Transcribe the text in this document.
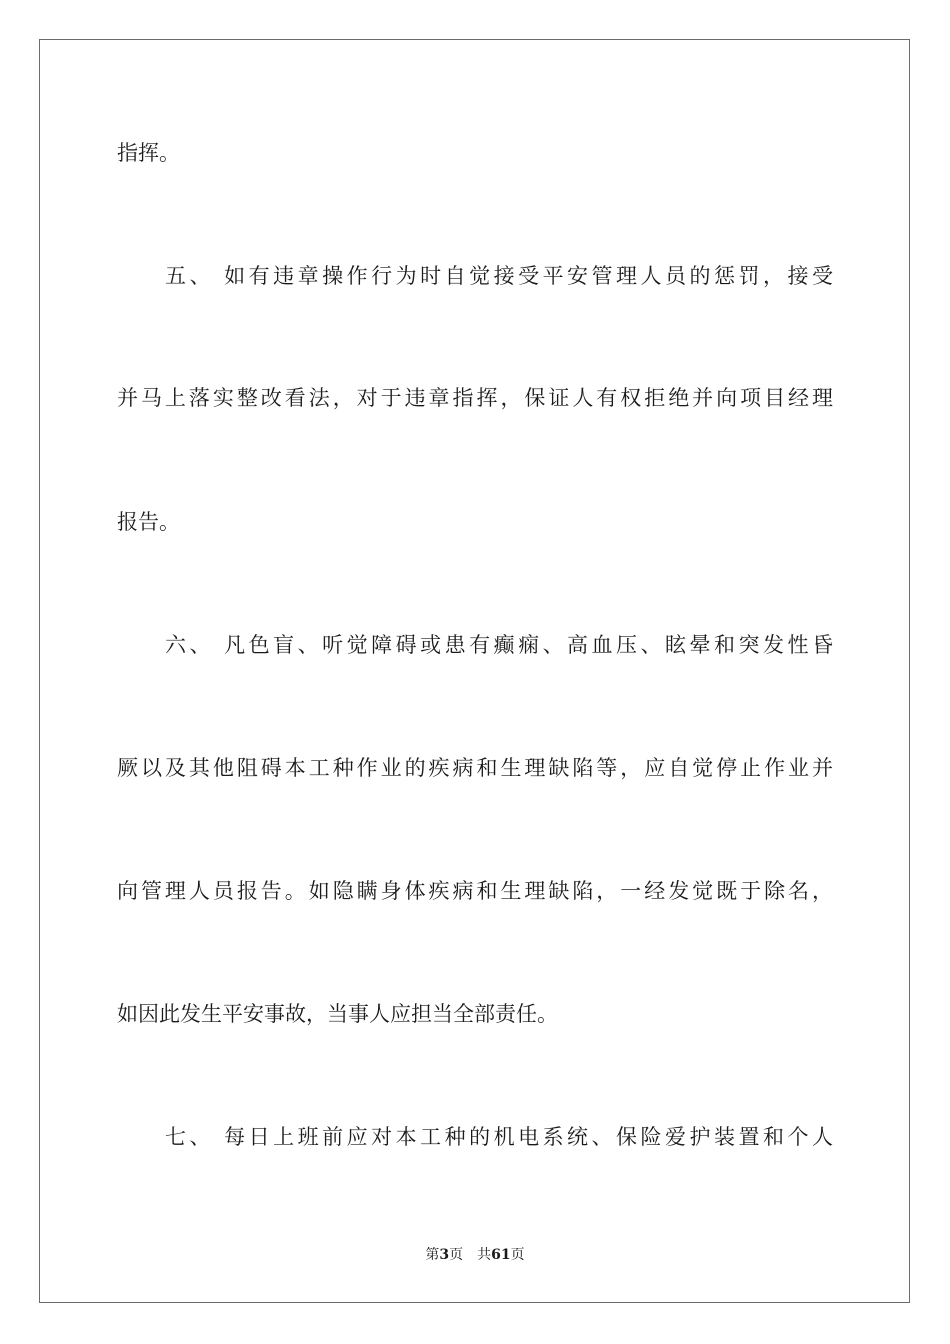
指挥。
五、 如有违章操作行为时自觉接受平安管理人员的惩罚，接受
并马上落实整改看法，对于违章指挥，保证人有权拒绝并向项目经理
报告。
六、 凡色盲、听觉障碍或患有癫痫、高血压、眩晕和突发性昏
厥以及其他阻碍本工种作业的疾病和生理缺陷等，应自觉停止作业并
向管理人员报告。如隐瞒身体疾病和生理缺陷，一经发觉既于除名，
如因此发生平安事故，当事人应担当全部责任。
七、 每日上班前应对本工种的机电系统、保险爱护装置和个人
第3页 共61页
